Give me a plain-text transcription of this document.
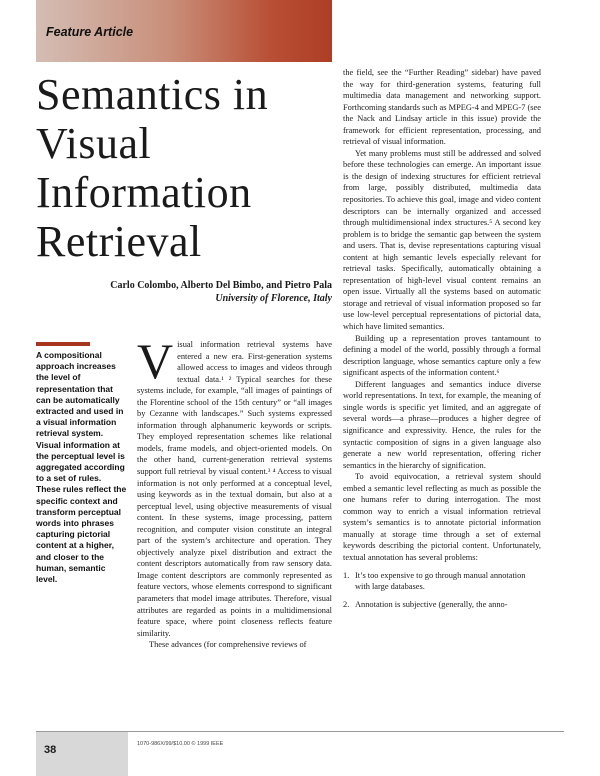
Feature Article
Semantics in
Visual
Information
Retrieval
Carlo Colombo, Alberto Del Bimbo, and Pietro Pala
University of Florence, Italy
A compositional approach increases the level of representation that can be automatically extracted and used in a visual information retrieval system. Visual information at the perceptual level is aggregated according to a set of rules. These rules reflect the specific context and transform perceptual words into phrases capturing pictorial content at a higher, and closer to the human, semantic level.

Visual information retrieval systems have entered a new era. First-generation systems allowed access to images and videos through textual data.¹ ² Typical searches for these systems include, for example, “all images of paintings of the Florentine school of the 15th century” or “all images by Cezanne with landscapes.” Such systems expressed information through alphanumeric keywords or scripts. They employed representation schemes like relational models, frame models, and object-oriented models. On the other hand, current-generation retrieval systems support full retrieval by visual content.³ ⁴ Access to visual information is not only performed at a conceptual level, using keywords as in the textual domain, but also at a perceptual level, using objective measurements of visual content. In these systems, image processing, pattern recognition, and computer vision constitute an integral part of the system’s architecture and operation. They objectively analyze pixel distribution and extract the content descriptors automatically from raw sensory data. Image content descriptors are commonly represented as feature vectors, whose elements correspond to significant parameters that model image attributes. Therefore, visual attributes are regarded as points in a multidimensional feature space, where point closeness reflects feature similarity.

These advances (for comprehensive reviews of

the field, see the “Further Reading” sidebar) have paved the way for third-generation systems, featuring full multimedia data management and networking support. Forthcoming standards such as MPEG-4 and MPEG-7 (see the Nack and Lindsay article in this issue) provide the framework for efficient representation, processing, and retrieval of visual information.

Yet many problems must still be addressed and solved before these technologies can emerge. An important issue is the design of indexing structures for efficient retrieval from large, possibly distributed, multimedia data repositories. To achieve this goal, image and video content descriptors can be internally organized and accessed through multidimensional index structures.⁵ A second key problem is to bridge the semantic gap between the system and users. That is, devise representations capturing visual content at high semantic levels especially relevant for retrieval tasks. Specifically, automatically obtaining a representation of high-level visual content remains an open issue. Virtually all the systems based on automatic storage and retrieval of visual information proposed so far use low-level perceptual representations of pictorial data, which have limited semantics.

Building up a representation proves tantamount to defining a model of the world, possibly through a formal description language, whose semantics capture only a few significant aspects of the information content.⁶

Different languages and semantics induce diverse world representations. In text, for example, the meaning of single words is specific yet limited, and an aggregate of several words—a phrase—produces a higher degree of significance and expressivity. Hence, the rules for the syntactic composition of signs in a given language also generate a new world representation, offering richer semantics in the hierarchy of signification.

To avoid equivocation, a retrieval system should embed a semantic level reflecting as much as possible the one humans refer to during interrogation. The most common way to enrich a visual information retrieval system’s semantics is to annotate pictorial information manually at storage time through a set of external keywords describing the pictorial content. Unfortunately, textual annotation has several problems:

1. It’s too expensive to go through manual annotation with large databases.
2. Annotation is subjective (generally, the anno-
38	1070-986X/99/$10.00 © 1999 IEEE
